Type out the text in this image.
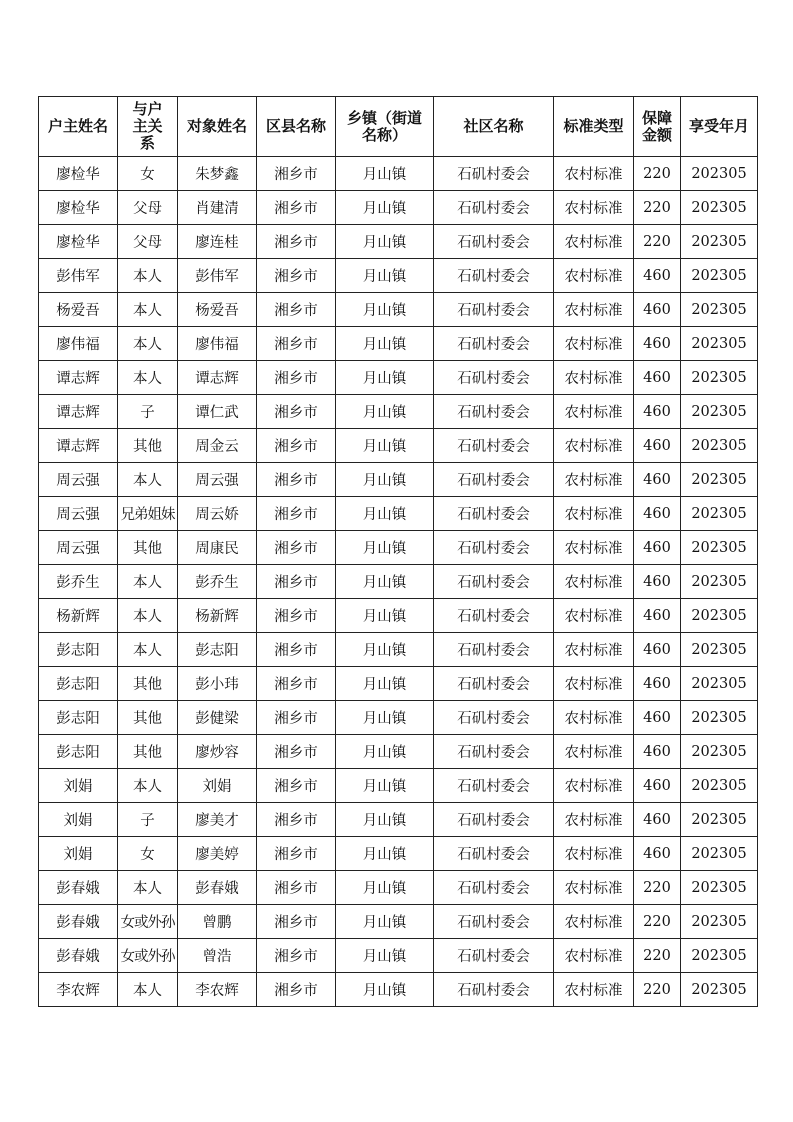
户主姓名	与户主关系	对象姓名	区县名称	乡镇（街道名称）	社区名称	标准类型	保障金额	享受年月
廖检华	女	朱梦鑫	湘乡市	月山镇	石矶村委会	农村标准	220	202305
廖检华	父母	肖建清	湘乡市	月山镇	石矶村委会	农村标准	220	202305
廖检华	父母	廖连桂	湘乡市	月山镇	石矶村委会	农村标准	220	202305
彭伟军	本人	彭伟军	湘乡市	月山镇	石矶村委会	农村标准	460	202305
杨爱吾	本人	杨爱吾	湘乡市	月山镇	石矶村委会	农村标准	460	202305
廖伟福	本人	廖伟福	湘乡市	月山镇	石矶村委会	农村标准	460	202305
谭志辉	本人	谭志辉	湘乡市	月山镇	石矶村委会	农村标准	460	202305
谭志辉	子	谭仁武	湘乡市	月山镇	石矶村委会	农村标准	460	202305
谭志辉	其他	周金云	湘乡市	月山镇	石矶村委会	农村标准	460	202305
周云强	本人	周云强	湘乡市	月山镇	石矶村委会	农村标准	460	202305
周云强	兄弟姐妹	周云娇	湘乡市	月山镇	石矶村委会	农村标准	460	202305
周云强	其他	周康民	湘乡市	月山镇	石矶村委会	农村标准	460	202305
彭乔生	本人	彭乔生	湘乡市	月山镇	石矶村委会	农村标准	460	202305
杨新辉	本人	杨新辉	湘乡市	月山镇	石矶村委会	农村标准	460	202305
彭志阳	本人	彭志阳	湘乡市	月山镇	石矶村委会	农村标准	460	202305
彭志阳	其他	彭小玮	湘乡市	月山镇	石矶村委会	农村标准	460	202305
彭志阳	其他	彭健梁	湘乡市	月山镇	石矶村委会	农村标准	460	202305
彭志阳	其他	廖炒容	湘乡市	月山镇	石矶村委会	农村标准	460	202305
刘娟	本人	刘娟	湘乡市	月山镇	石矶村委会	农村标准	460	202305
刘娟	子	廖美才	湘乡市	月山镇	石矶村委会	农村标准	460	202305
刘娟	女	廖美婷	湘乡市	月山镇	石矶村委会	农村标准	460	202305
彭春娥	本人	彭春娥	湘乡市	月山镇	石矶村委会	农村标准	220	202305
彭春娥	女或外孙	曾鹏	湘乡市	月山镇	石矶村委会	农村标准	220	202305
彭春娥	女或外孙	曾浩	湘乡市	月山镇	石矶村委会	农村标准	220	202305
李农辉	本人	李农辉	湘乡市	月山镇	石矶村委会	农村标准	220	202305
